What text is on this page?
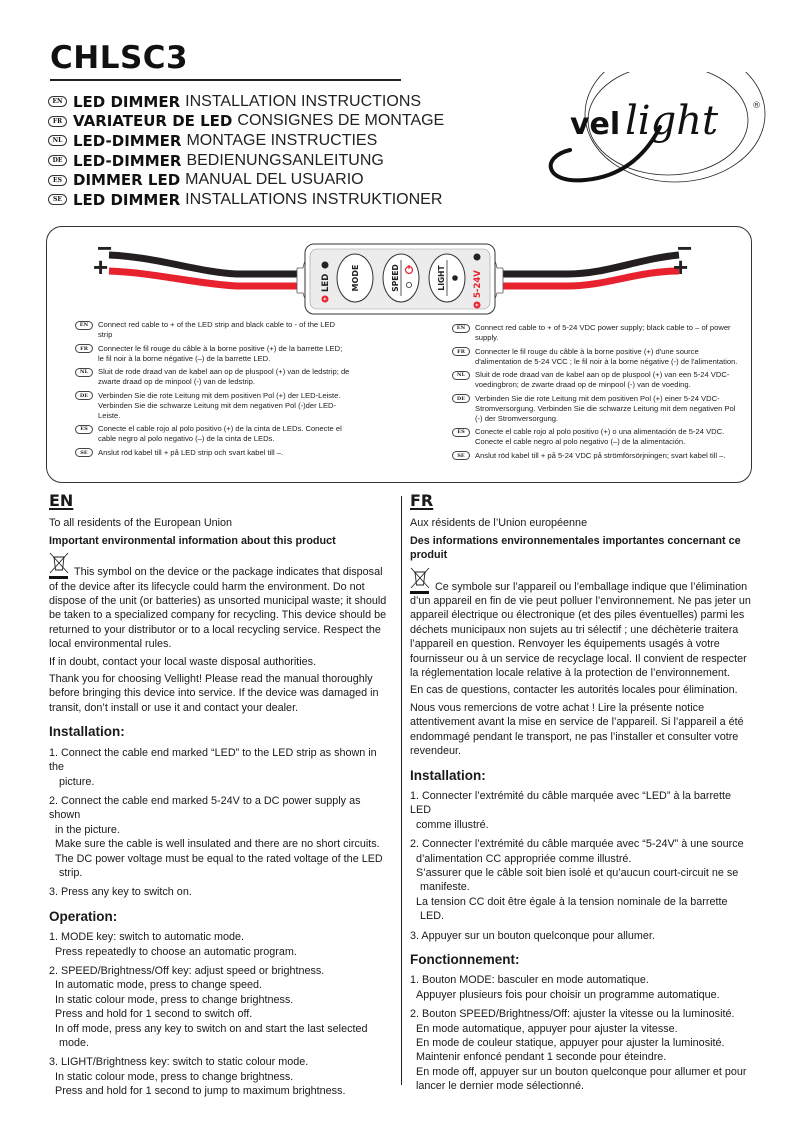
CHLSC3
EN LED DIMMER INSTALLATION INSTRUCTIONS
FR VARIATEUR DE LED CONSIGNES DE MONTAGE
NL LED-DIMMER MONTAGE INSTRUCTIES
DE LED-DIMMER BEDIENUNGSANLEITUNG
ES DIMMER LED MANUAL DEL USUARIO
SE LED DIMMER INSTALLATIONS INSTRUKTIONER
vel light	®
+
LED	MODE	SPEED	LIGHT
+
5-24V
−
+
−
+
EN	Connect red cable to + of the LED strip and black cable to - of the LED strip
FR	Connecter le fil rouge du câble à la borne positive (+) de la barrette LED; le fil noir à la borne négative (–) de la barrette LED.
NL	Sluit de rode draad van de kabel aan op de pluspool (+) van de ledstrip; de zwarte draad op de minpool (-) van de ledstrip.
DE	Verbinden Sie die rote Leitung mit dem positiven Pol (+) der LED-Leiste. Verbinden Sie die schwarze Leitung mit dem negativen Pol (-)der LED-Leiste.
ES	Conecte el cable rojo al polo positivo (+) de la cinta de LEDs. Conecte el cable negro al polo negativo (–) de la cinta de LEDs.
SE	Anslut röd kabel till + på LED strip och svart kabel till –.
EN	Connect red cable to + of 5-24 VDC power supply; black cable to – of power supply.
FR	Connecter le fil rouge du câble à la borne positive (+) d'une source d'alimentation de 5-24 VCC ; le fil noir à la borne négative (-) de l'alimentation.
NL	Sluit de rode draad van de kabel aan op de pluspool (+) van een 5-24 VDC-voedingbron; de zwarte draad op de minpool (-) van de voeding.
DE	Verbinden Sie die rote Leitung mit dem positiven Pol (+) einer 5-24 VDC-Stromversorgung. Verbinden Sie die schwarze Leitung mit dem negativen Pol (-) der Stromversorgung.
ES	Conecte el cable rojo al polo positivo (+) o una alimentación de 5-24 VDC. Conecte el cable negro al polo negativo (–) de la alimentación.
SE	Anslut röd kabel till + på 5-24 VDC på strömförsörjningen; svart kabel till –.
EN
To all residents of the European Union
Important environmental information about this product
This symbol on the device or the package indicates that disposal of the device after its lifecycle could harm the environment. Do not dispose of the unit (or batteries) as unsorted municipal waste; it should be taken to a specialized company for recycling. This device should be returned to your distributor or to a local recycling service. Respect the local environmental rules.
If in doubt, contact your local waste disposal authorities.
Thank you for choosing Vellight! Please read the manual thoroughly before bringing this device into service. If the device was damaged in transit, don’t install or use it and contact your dealer.
Installation:
1. Connect the cable end marked “LED” to the LED strip as shown in the
picture.
2. Connect the cable end marked 5-24V to a DC power supply as shown
in the picture.
Make sure the cable is well insulated and there are no short circuits.
The DC power voltage must be equal to the rated voltage of the LED
strip.
3. Press any key to switch on.
Operation:
1. MODE key: switch to automatic mode.
Press repeatedly to choose an automatic program.
2. SPEED/Brightness/Off key: adjust speed or brightness.
In automatic mode, press to change speed.
In static colour mode, press to change brightness.
Press and hold for 1 second to switch off.
In off mode, press any key to switch on and start the last selected
mode.
3. LIGHT/Brightness key: switch to static colour mode.
In static colour mode, press to change brightness.
Press and hold for 1 second to jump to maximum brightness.
FR
Aux résidents de l’Union européenne
Des informations environnementales importantes concernant ce produit
Ce symbole sur l’appareil ou l’emballage indique que l’élimination d’un appareil en fin de vie peut polluer l’environnement. Ne pas jeter un appareil électrique ou électronique (et des piles éventuelles) parmi les déchets municipaux non sujets au tri sélectif ; une déchèterie traitera l’appareil en question. Renvoyer les équipements usagés à votre fournisseur ou à un service de recyclage local. Il convient de respecter la réglementation locale relative à la protection de l’environnement.
En cas de questions, contacter les autorités locales pour élimination.
Nous vous remercions de votre achat ! Lire la présente notice attentivement avant la mise en service de l’appareil. Si l’appareil a été endommagé pendant le transport, ne pas l’installer et consulter votre revendeur.
Installation:
1. Connecter l’extrémité du câble marquée avec “LED” à la barrette LED
comme illustré.
2. Connecter l’extrémité du câble marquée avec “5-24V” à une source
d’alimentation CC appropriée comme illustré.
S’assurer que le câble soit bien isolé et qu’aucun court-circuit ne se
manifeste.
La tension CC doit être égale à la tension nominale de la barrette
LED.
3. Appuyer sur un bouton quelconque pour allumer.
Fonctionnement:
1. Bouton MODE: basculer en mode automatique.
Appuyer plusieurs fois pour choisir un programme automatique.
2. Bouton SPEED/Brightness/Off: ajuster la vitesse ou la luminosité.
En mode automatique, appuyer pour ajuster la vitesse.
En mode de couleur statique, appuyer pour ajuster la luminosité.
Maintenir enfoncé pendant 1 seconde pour éteindre.
En mode off, appuyer sur un bouton quelconque pour allumer et pour
lancer le dernier mode sélectionné.
